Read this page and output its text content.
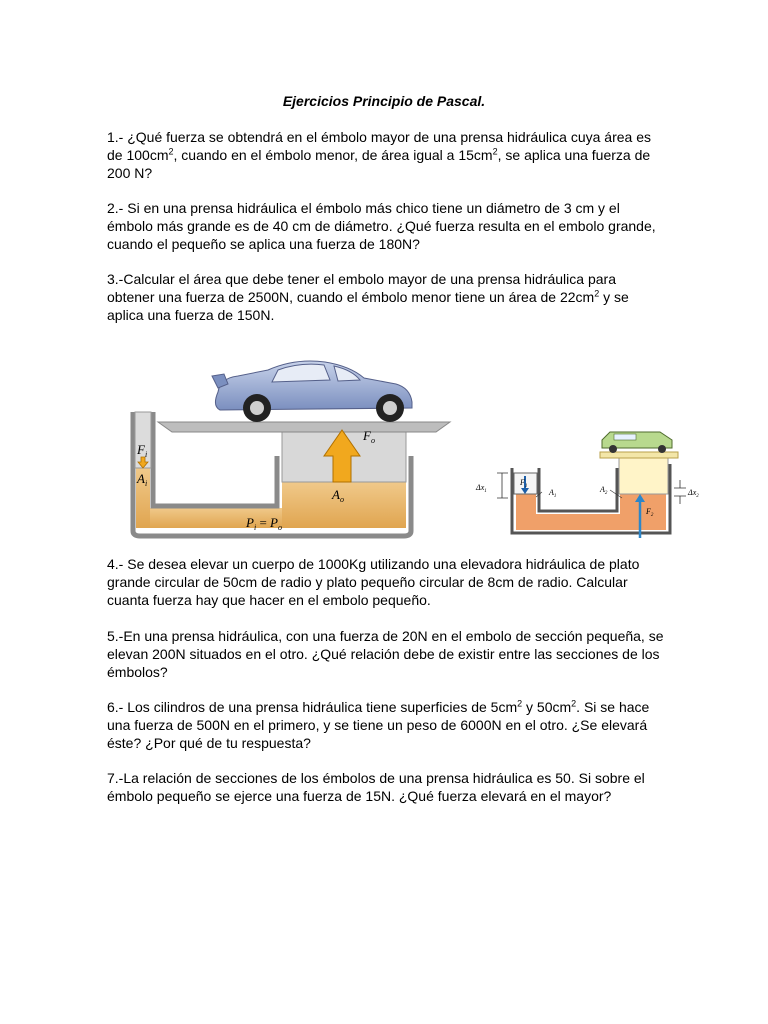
Ejercicios Principio de Pascal.

1.- ¿Qué fuerza se obtendrá en el émbolo mayor de una prensa hidráulica cuya área es de $100cm^2$, cuando en el émbolo menor, de área igual a $15cm^2$, se aplica una fuerza de 200 N?

2.- Si en una prensa hidráulica el émbolo más chico tiene un diámetro de 3 cm y el émbolo más grande es de 40 cm de diámetro. ¿Qué fuerza resulta en el embolo grande, cuando el pequeño se aplica una fuerza de 180N?

3.-Calcular el área que debe tener el embolo mayor de una prensa hidráulica para obtener una fuerza de 2500N, cuando el émbolo menor tiene un área de $22cm^2$ y se aplica una fuerza de 150N.

$F_i$
$A_i$
$F_o$
$A_o$
$P_i = P_o$
$\Delta x_1$
$F_1$
$A_1$
$A_2$
$F_2$
$\Delta x_2$

4.- Se desea elevar un cuerpo de 1000Kg utilizando una elevadora hidráulica de plato grande circular de 50cm de radio y plato pequeño circular de 8cm de radio. Calcular cuanta fuerza hay que hacer en el embolo pequeño.

5.-En una prensa hidráulica, con una fuerza de 20N en el embolo de sección pequeña, se elevan 200N situados en el otro. ¿Qué relación debe de existir entre las secciones de los émbolos?

6.- Los cilindros de una prensa hidráulica tiene superficies de $5cm^2$ y $50cm^2$. Si se hace una fuerza de 500N en el primero, y se tiene un peso de 6000N en el otro. ¿Se elevará éste? ¿Por qué de tu respuesta?

7.-La relación de secciones de los émbolos de una prensa hidráulica es 50. Si sobre el émbolo pequeño se ejerce una fuerza de 15N. ¿Qué fuerza elevará en el mayor?
